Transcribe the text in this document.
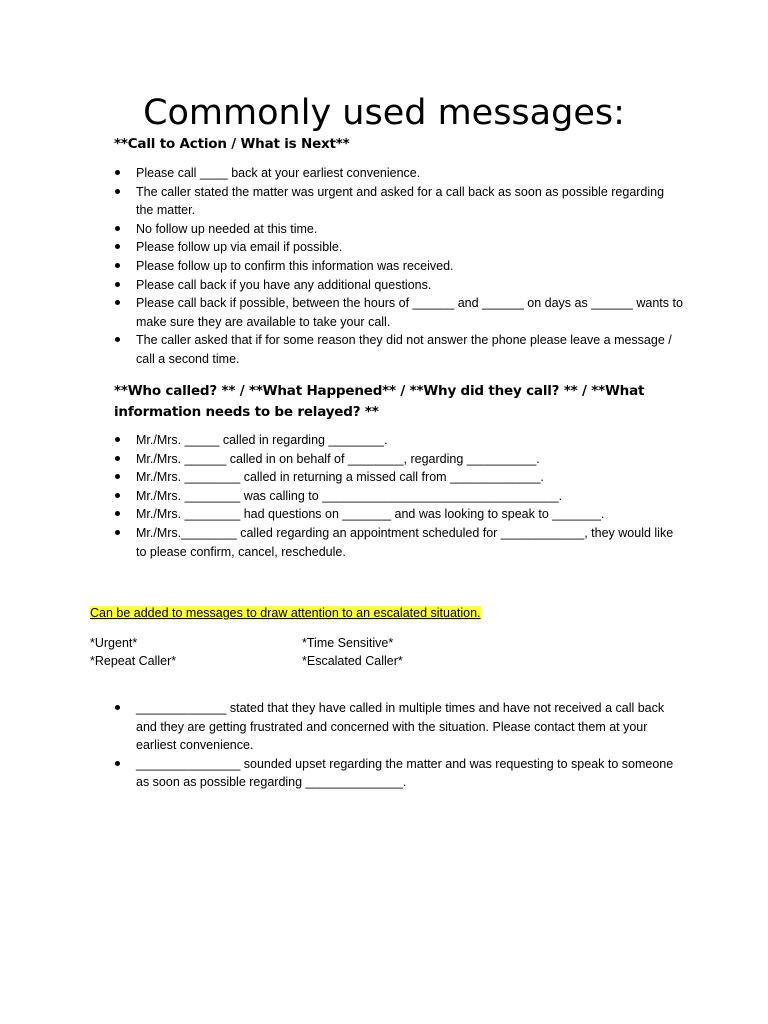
Commonly used messages:

**Call to Action / What is Next**

Please call ____ back at your earliest convenience.
The caller stated the matter was urgent and asked for a call back as soon as possible regarding the matter.
No follow up needed at this time.
Please follow up via email if possible.
Please follow up to confirm this information was received.
Please call back if you have any additional questions.
Please call back if possible, between the hours of ______ and ______ on days as ______ wants to make sure they are available to take your call.
The caller asked that if for some reason they did not answer the phone please leave a message / call a second time.

**Who called? ** / **What Happened** / **Why did they call? ** / **What information needs to be relayed? **

Mr./Mrs. _____ called in regarding ________.
Mr./Mrs. ______ called in on behalf of ________, regarding __________.
Mr./Mrs. ________ called in returning a missed call from _____________.
Mr./Mrs. ________ was calling to __________________________________.
Mr./Mrs. ________ had questions on _______ and was looking to speak to _______.
Mr./Mrs.________ called regarding an appointment scheduled for ____________, they would like to please confirm, cancel, reschedule.
Can be added to messages to draw attention to an escalated situation.
*Urgent*	*Time Sensitive*
*Repeat Caller*	*Escalated Caller*
_____________ stated that they have called in multiple times and have not received a call back and they are getting frustrated and concerned with the situation. Please contact them at your earliest convenience.
_______________ sounded upset regarding the matter and was requesting to speak to someone as soon as possible regarding ______________.
